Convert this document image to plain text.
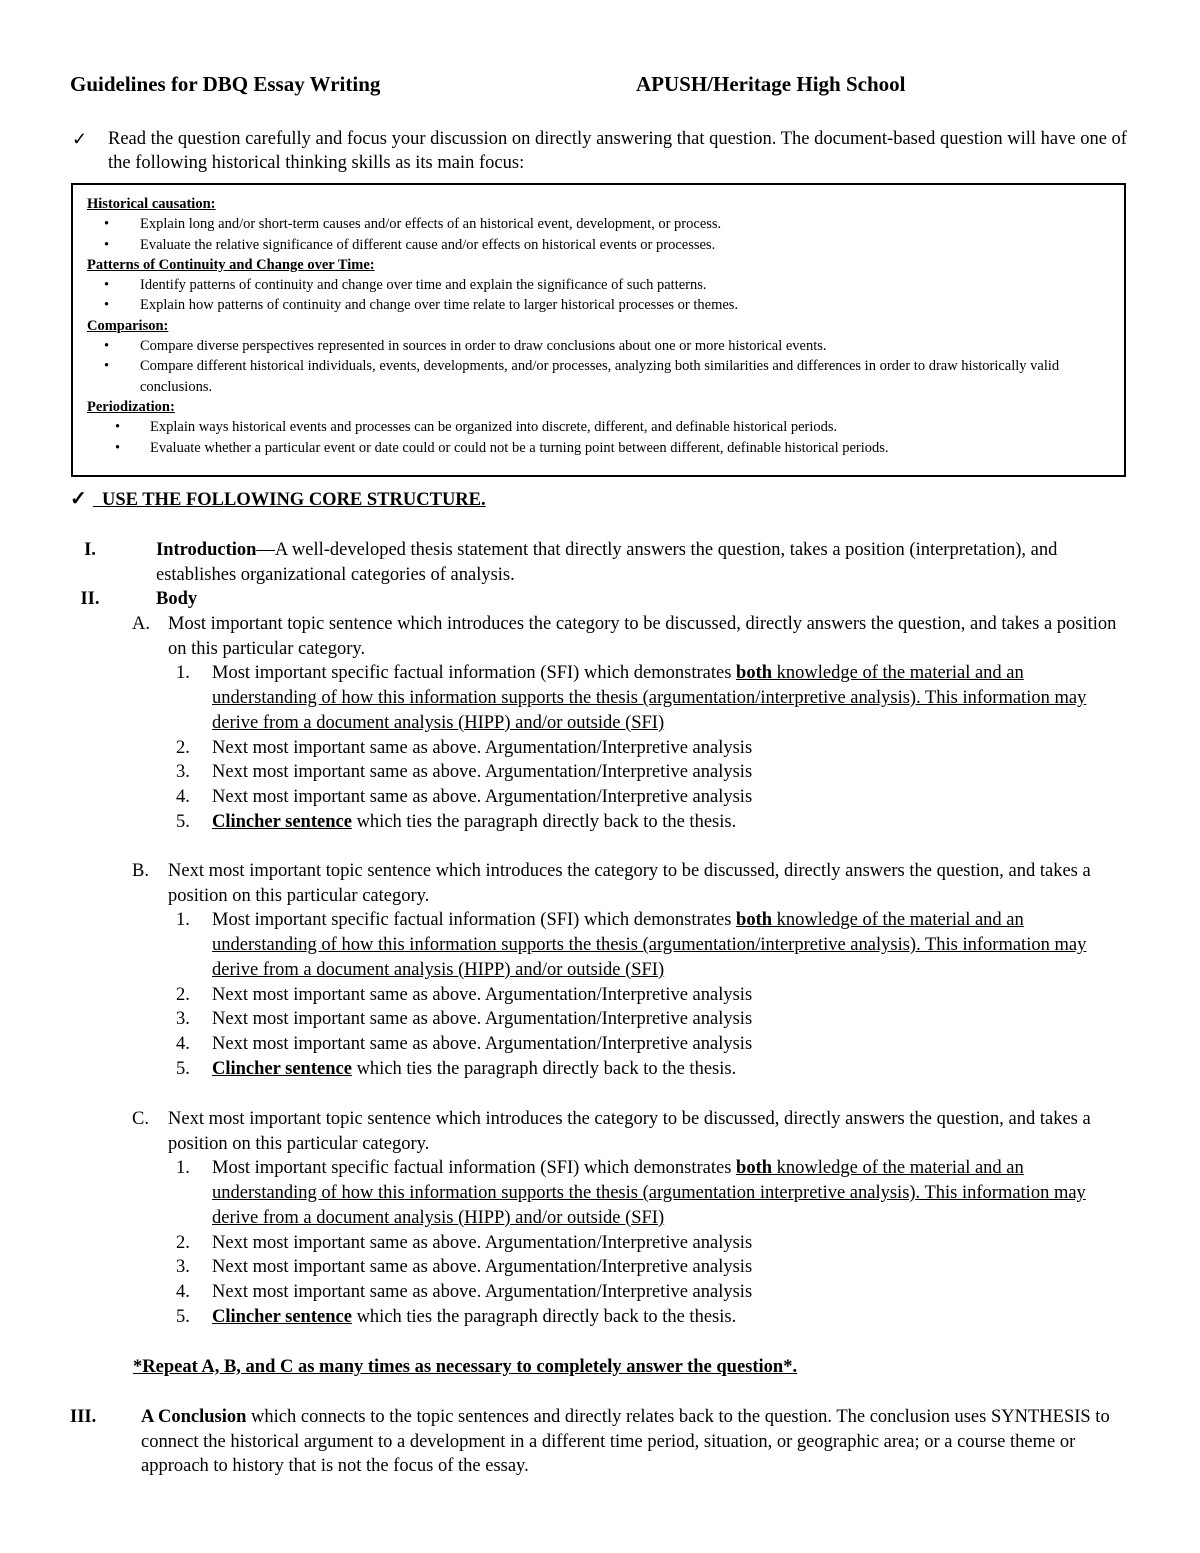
Guidelines for DBQ Essay Writing	APUSH/Heritage High School
✓ Read the question carefully and focus your discussion on directly answering that question. The document-based question will have one of the following historical thinking skills as its main focus:
Historical causation:
• Explain long and/or short-term causes and/or effects of an historical event, development, or process.
• Evaluate the relative significance of different cause and/or effects on historical events or processes.
Patterns of Continuity and Change over Time:
• Identify patterns of continuity and change over time and explain the significance of such patterns.
• Explain how patterns of continuity and change over time relate to larger historical processes or themes.
Comparison:
• Compare diverse perspectives represented in sources in order to draw conclusions about one or more historical events.
• Compare different historical individuals, events, developments, and/or processes, analyzing both similarities and differences in order to draw historically valid conclusions.
Periodization:
• Explain ways historical events and processes can be organized into discrete, different, and definable historical periods.
• Evaluate whether a particular event or date could or could not be a turning point between different, definable historical periods.
✓  USE THE FOLLOWING CORE STRUCTURE.
I.	Introduction—A well-developed thesis statement that directly answers the question, takes a position (interpretation), and establishes organizational categories of analysis.
II.	Body
A. Most important topic sentence which introduces the category to be discussed, directly answers the question, and takes a position on this particular category.
1. Most important specific factual information (SFI) which demonstrates both knowledge of the material and an understanding of how this information supports the thesis (argumentation/interpretive analysis). This information may derive from a document analysis (HIPP) and/or outside (SFI)
2. Next most important same as above. Argumentation/Interpretive analysis
3. Next most important same as above. Argumentation/Interpretive analysis
4. Next most important same as above. Argumentation/Interpretive analysis
5. Clincher sentence which ties the paragraph directly back to the thesis.
B. Next most important topic sentence which introduces the category to be discussed, directly answers the question, and takes a position on this particular category.
1. Most important specific factual information (SFI) which demonstrates both knowledge of the material and an understanding of how this information supports the thesis (argumentation/interpretive analysis). This information may derive from a document analysis (HIPP) and/or outside (SFI)
2. Next most important same as above. Argumentation/Interpretive analysis
3. Next most important same as above. Argumentation/Interpretive analysis
4. Next most important same as above. Argumentation/Interpretive analysis
5. Clincher sentence which ties the paragraph directly back to the thesis.
C. Next most important topic sentence which introduces the category to be discussed, directly answers the question, and takes a position on this particular category.
1. Most important specific factual information (SFI) which demonstrates both knowledge of the material and an understanding of how this information supports the thesis (argumentation interpretive analysis). This information may derive from a document analysis (HIPP) and/or outside (SFI)
2. Next most important same as above. Argumentation/Interpretive analysis
3. Next most important same as above. Argumentation/Interpretive analysis
4. Next most important same as above. Argumentation/Interpretive analysis
5. Clincher sentence which ties the paragraph directly back to the thesis.
*Repeat A, B, and C as many times as necessary to completely answer the question*.
III.	A Conclusion which connects to the topic sentences and directly relates back to the question. The conclusion uses SYNTHESIS to connect the historical argument to a development in a different time period, situation, or geographic area; or a course theme or approach to history that is not the focus of the essay.
